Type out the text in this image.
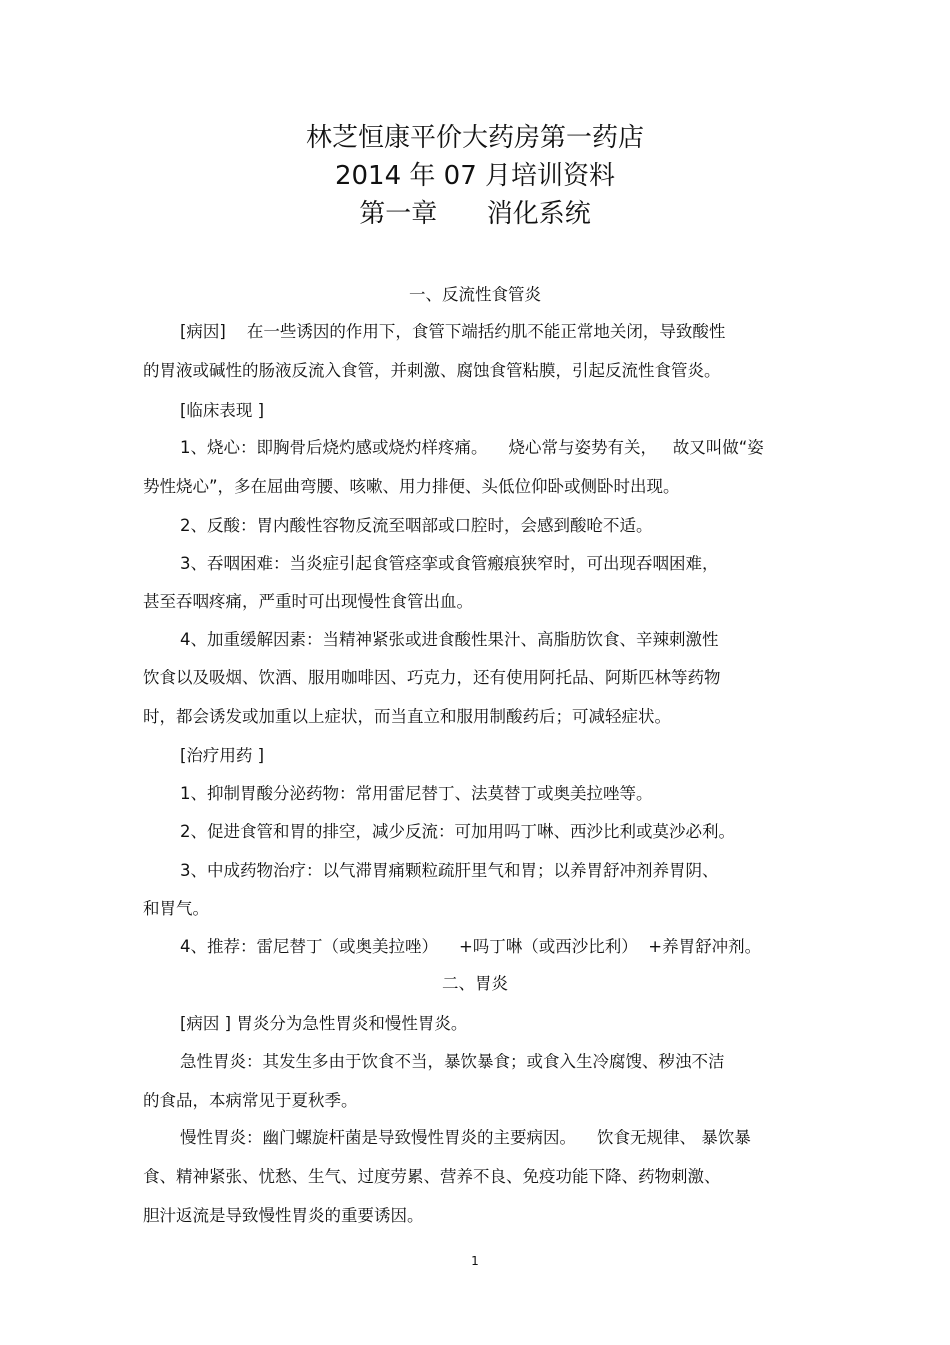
林芝恒康平价大药房第一药店
2014 年 07 月培训资料
第一章      消化系统
一、反流性食管炎
[病因]    在一些诱因的作用下，食管下端括约肌不能正常地关闭，导致酸性
的胃液或碱性的肠液反流入食管，并刺激、腐蚀食管粘膜，引起反流性食管炎。
[临床表现 ]
1、烧心：即胸骨后烧灼感或烧灼样疼痛。    烧心常与姿势有关，   故又叫做“姿
势性烧心”，多在屈曲弯腰、咳嗽、用力排便、头低位仰卧或侧卧时出现。
2、反酸：胃内酸性容物反流至咽部或口腔时，会感到酸呛不适。
3、吞咽困难：当炎症引起食管痉挛或食管瘢痕狭窄时，可出现吞咽困难，
甚至吞咽疼痛，严重时可出现慢性食管出血。
4、加重缓解因素：当精神紧张或进食酸性果汁、高脂肪饮食、辛辣刺激性
饮食以及吸烟、饮酒、服用咖啡因、巧克力，还有使用阿托品、阿斯匹林等药物
时，都会诱发或加重以上症状，而当直立和服用制酸药后；可减轻症状。
[治疗用药 ]
1、抑制胃酸分泌药物：常用雷尼替丁、法莫替丁或奥美拉唑等。
2、促进食管和胃的排空，减少反流：可加用吗丁啉、西沙比利或莫沙必利。
3、中成药物治疗：以气滞胃痛颗粒疏肝里气和胃；以养胃舒冲剂养胃阴、
和胃气。
4、推荐：雷尼替丁（或奥美拉唑）    +吗丁啉（或西沙比利）  +养胃舒冲剂。
二、胃炎
[病因 ] 胃炎分为急性胃炎和慢性胃炎。
急性胃炎：其发生多由于饮食不当，暴饮暴食；或食入生冷腐馊、秽浊不洁
的食品，本病常见于夏秋季。
慢性胃炎：幽门螺旋杆菌是导致慢性胃炎的主要病因。    饮食无规律、 暴饮暴
食、精神紧张、忧愁、生气、过度劳累、营养不良、免疫功能下降、药物刺激、
胆汁返流是导致慢性胃炎的重要诱因。
1
